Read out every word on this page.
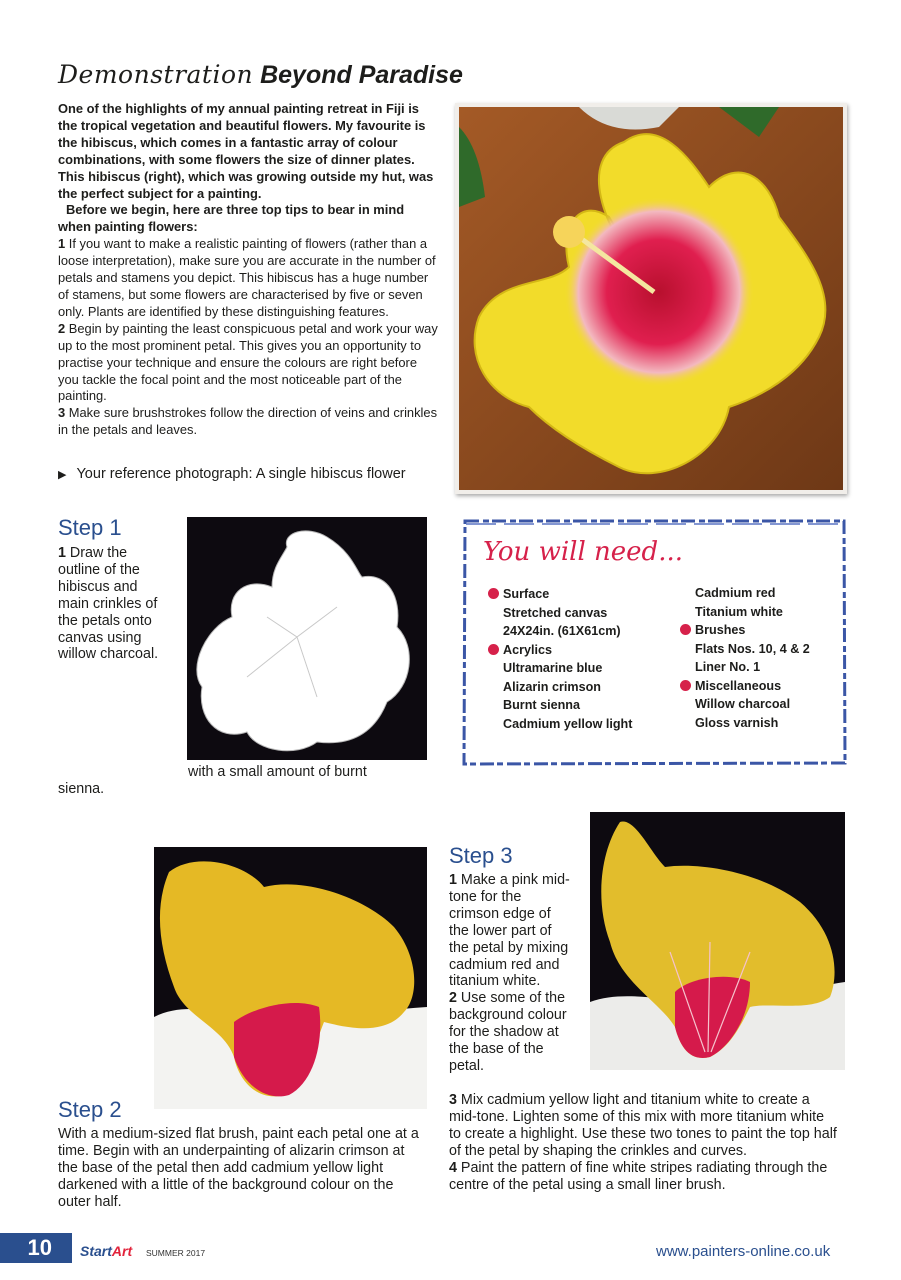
Demonstration Beyond Paradise

One of the highlights of my annual painting retreat in Fiji is the tropical vegetation and beautiful flowers. My favourite is the hibiscus, which comes in a fantastic array of colour combinations, with some flowers the size of dinner plates. This hibiscus (right), which was growing outside my hut, was the perfect subject for a painting.

Before we begin, here are three top tips to bear in mind when painting flowers:

1 If you want to make a realistic painting of flowers (rather than a loose interpretation), make sure you are accurate in the number of petals and stamens you depict. This hibiscus has a huge number of stamens, but some flowers are characterised by five or seven only. Plants are identified by these distinguishing features.

2 Begin by painting the least conspicuous petal and work your way up to the most prominent petal. This gives you an opportunity to practise your technique and ensure the colours are right before you tackle the focal point and the most noticeable part of the painting.

3 Make sure brushstrokes follow the direction of veins and crinkles in the petals and leaves.

▶ Your reference photograph: A single hibiscus flower
Step 1

1 Draw the outline of the hibiscus and main crinkles of the petals onto canvas using willow charcoal.

with a small amount of burnt sienna.

You will need...
Surface
Stretched canvas
24X24in. (61X61cm)
Acrylics
Ultramarine blue
Alizarin crimson
Burnt sienna
Cadmium yellow light
Cadmium red
Titanium white
Brushes
Flats Nos. 10, 4 & 2
Liner No. 1
Miscellaneous
Willow charcoal
Gloss varnish
Step 2
With a medium-sized flat brush, paint each petal one at a time. Begin with an underpainting of alizarin crimson at the base of the petal then add cadmium yellow light darkened with a little of the background colour on the outer half.
Step 3

1 Make a pink mid-tone for the crimson edge of the lower part of the petal by mixing cadmium red and titanium white.

2 Use some of the background colour for the shadow at the base of the petal.

3 Mix cadmium yellow light and titanium white to create a mid-tone. Lighten some of this mix with more titanium white to create a highlight. Use these two tones to paint the top half of the petal by shaping the crinkles and curves.

4 Paint the pattern of fine white stripes radiating through the centre of the petal using a small liner brush.

10	StartArt SUMMER 2017	www.painters-online.co.uk
